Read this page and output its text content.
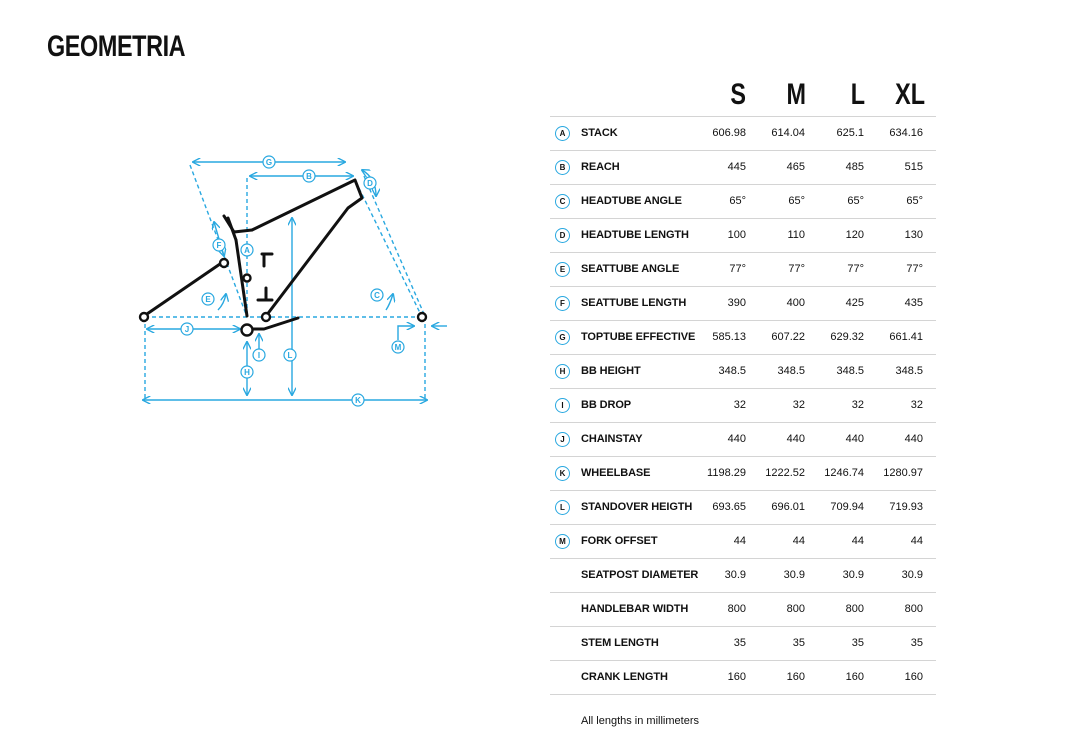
GEOMETRIA
G
B
D
A
F
E	C
J
I	L
H
M
K
S	M	L	XL
A	STACK	606.98	614.04	625.1	634.16
B	REACH	445	465	485	515
C	HEADTUBE ANGLE	65°	65°	65°	65°
D	HEADTUBE LENGTH	100	110	120	130
E	SEATTUBE ANGLE	77°	77°	77°	77°
F	SEATTUBE LENGTH	390	400	425	435
G	TOPTUBE EFFECTIVE	585.13	607.22	629.32	661.41
H	BB HEIGHT	348.5	348.5	348.5	348.5
I	BB DROP	32	32	32	32
J	CHAINSTAY	440	440	440	440
K	WHEELBASE	1198.29	1222.52	1246.74	1280.97
L	STANDOVER HEIGTH	693.65	696.01	709.94	719.93
M	FORK OFFSET	44	44	44	44
SEATPOST DIAMETER	30.9	30.9	30.9	30.9
HANDLEBAR WIDTH	800	800	800	800
STEM LENGTH	35	35	35	35
CRANK LENGTH	160	160	160	160
All lengths in millimeters
